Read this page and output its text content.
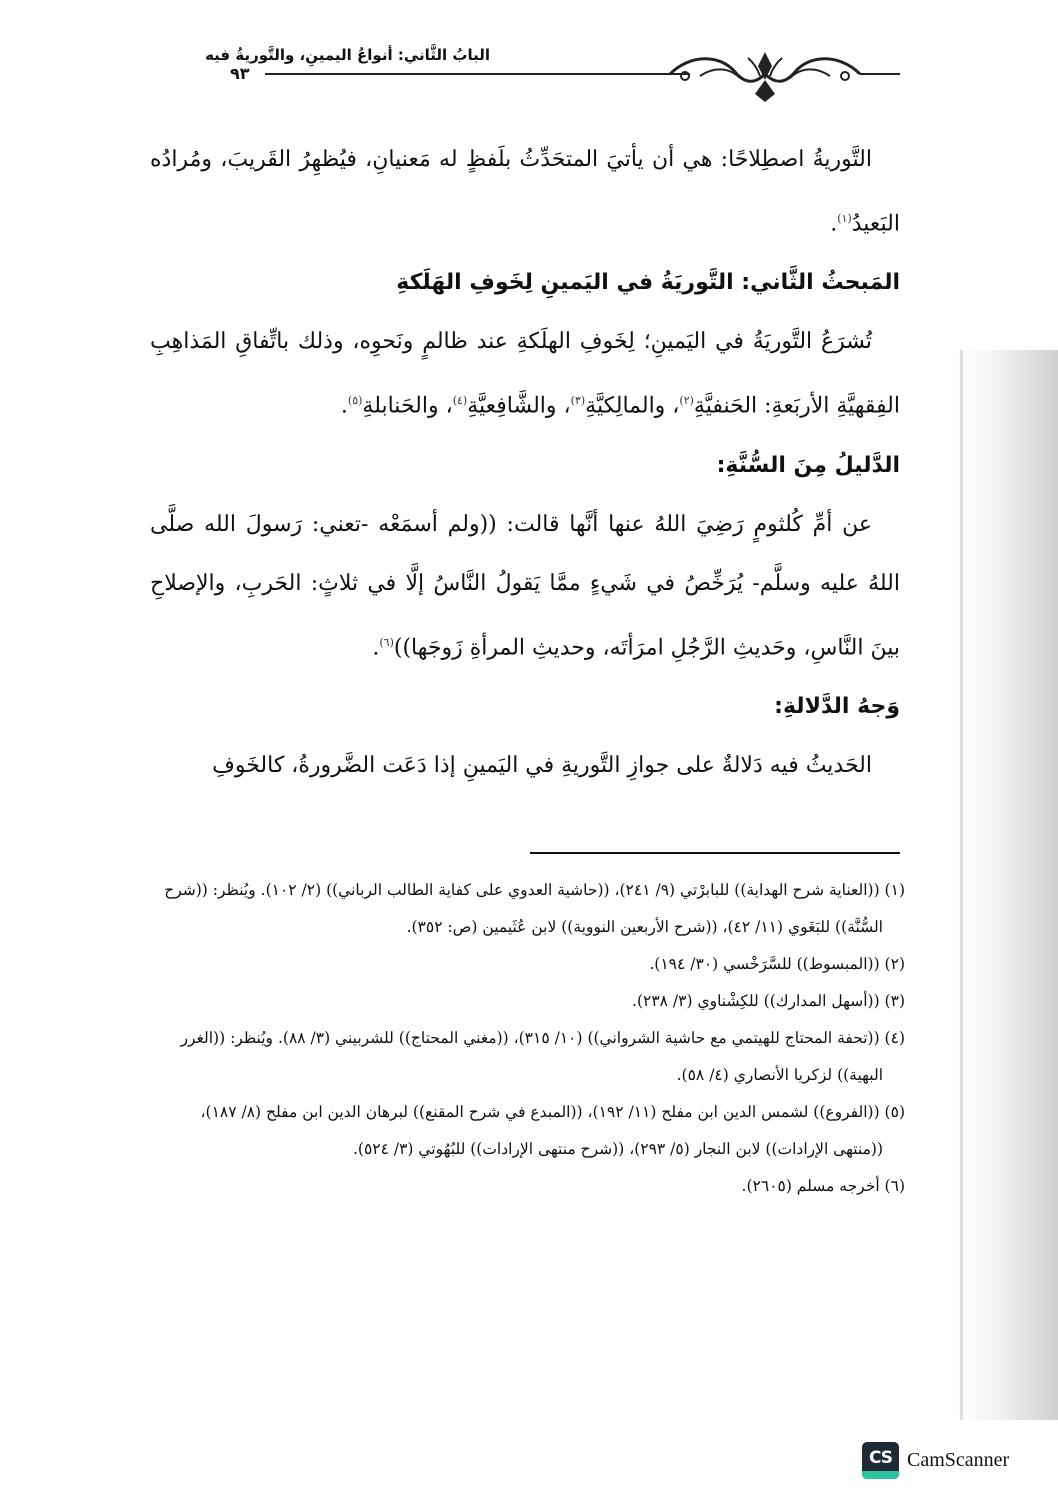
البابُ الثَّاني: أنواعُ اليمينِ، والتَّوريةُ فيه
٩٣

التَّوريةُ اصطِلاحًا: هي أن يأتيَ المتحَدِّثُ بلَفظٍ له مَعنيانِ، فيُظهِرُ القَريبَ، ومُرادُه البَعيدُ$^{(١)}$.

المَبحثُ الثَّاني: التَّوريَةُ في اليَمينِ لِخَوفِ الهَلَكةِ

تُشرَعُ التَّوريَةُ في اليَمينِ؛ لِخَوفِ الهلَكةِ عند ظالمٍ ونَحوِه، وذلك باتِّفاقِ المَذاهِبِ الفِقهيَّةِ الأربَعةِ: الحَنفيَّةِ$^{(٢)}$، والمالِكيَّةِ$^{(٣)}$، والشَّافِعيَّةِ$^{(٤)}$، والحَنابلةِ$^{(٥)}$.

الدَّليلُ مِنَ السُّنَّةِ:

عن أمِّ كُلثومٍ رَضِيَ اللهُ عنها أنَّها قالت: ((ولم أسمَعْه -تعني: رَسولَ الله صلَّى اللهُ عليه وسلَّم- يُرَخِّصُ في شَيءٍ ممَّا يَقولُ النَّاسُ إلَّا في ثلاثٍ: الحَربِ، والإصلاحِ بينَ النَّاسِ، وحَديثِ الرَّجُلِ امرَأتَه، وحديثِ المرأةِ زَوجَها))$^{(٦)}$.

وَجهُ الدَّلالةِ:

الحَديثُ فيه دَلالةٌ على جوازِ التَّوريةِ في اليَمينِ إذا دَعَت الضَّرورةُ، كالخَوفِ

(١) ((العناية شرح الهداية)) للبابرْتي (٩/ ٢٤١)، ((حاشية العدوي على كفاية الطالب الرباني)) (٢/ ١٠٢). ويُنظر: ((شرح السُّنَّة)) للبَغَوي (١١/ ٤٢)، ((شرح الأربعين النووية)) لابن عُثَيمين (ص: ٣٥٢).

(٢) ((المبسوط)) للسَّرَخْسي (٣٠/ ١٩٤).

(٣) ((أسهل المدارك)) للكِشْناوي (٣/ ٢٣٨).

(٤) ((تحفة المحتاج للهيتمي مع حاشية الشرواني)) (١٠/ ٣١٥)، ((مغني المحتاج)) للشربيني (٣/ ٨٨). ويُنظر: ((الغرر البهية)) لزكريا الأنصاري (٤/ ٥٨).

(٥) ((الفروع)) لشمس الدين ابن مفلح (١١/ ١٩٢)، ((المبدع في شرح المقنع)) لبرهان الدين ابن مفلح (٨/ ١٨٧)، ((منتهى الإرادات)) لابن النجار (٥/ ٢٩٣)، ((شرح منتهى الإرادات)) للبُهُوتي (٣/ ٥٢٤).

(٦) أخرجه مسلم (٢٦٠٥).

CS CamScanner
